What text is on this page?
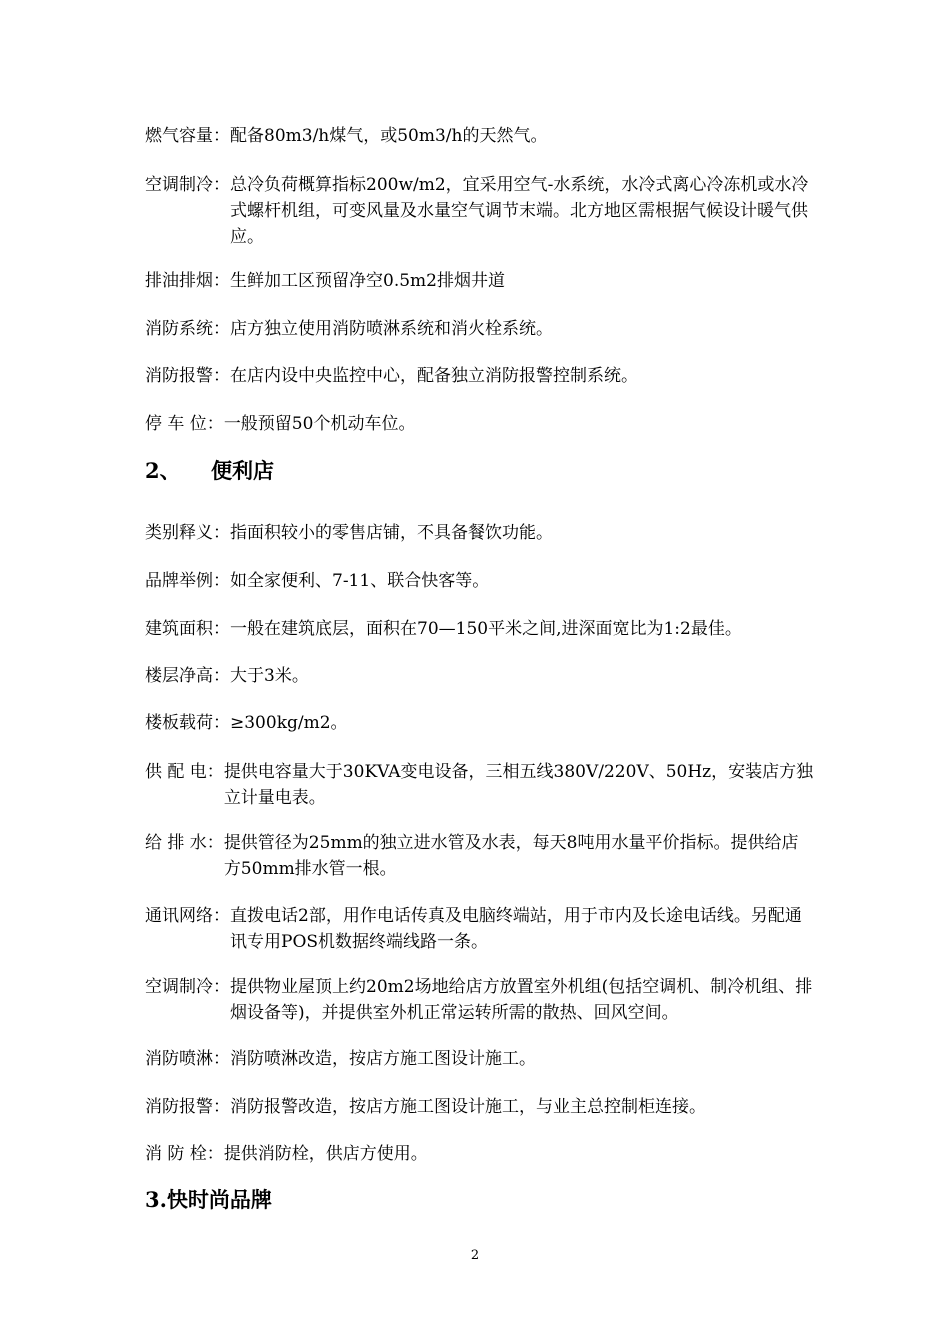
燃气容量： 配备80m3/h煤气，或50m3/h的天然气。
空调制冷： 总冷负荷概算指标200w/m2，宜采用空气-水系统，水冷式离心冷冻机或水冷式螺杆机组，可变风量及水量空气调节末端。北方地区需根据气候设计暖气供应。
排油排烟： 生鲜加工区预留净空0.5m2排烟井道
消防系统： 店方独立使用消防喷淋系统和消火栓系统。
消防报警： 在店内设中央监控中心，配备独立消防报警控制系统。
停 车 位： 一般预留50个机动车位。
2、 便利店
类别释义： 指面积较小的零售店铺，不具备餐饮功能。
品牌举例： 如全家便利、7-11、联合快客等。
建筑面积： 一般在建筑底层，面积在70—150平米之间,进深面宽比为1:2最佳。
楼层净高： 大于3米。
楼板载荷： ≥300kg/m2。
供 配 电： 提供电容量大于30KVA变电设备，三相五线380V/220V、50Hz，安装店方独立计量电表。
给 排 水： 提供管径为25mm的独立进水管及水表，每天8吨用水量平价指标。提供给店方50mm排水管一根。
通讯网络： 直拨电话2部，用作电话传真及电脑终端站，用于市内及长途电话线。另配通讯专用POS机数据终端线路一条。
空调制冷： 提供物业屋顶上约20m2场地给店方放置室外机组(包括空调机、制冷机组、排烟设备等)，并提供室外机正常运转所需的散热、回风空间。
消防喷淋： 消防喷淋改造，按店方施工图设计施工。
消防报警： 消防报警改造，按店方施工图设计施工，与业主总控制柜连接。
消 防 栓： 提供消防栓，供店方使用。
3.快时尚品牌
2
